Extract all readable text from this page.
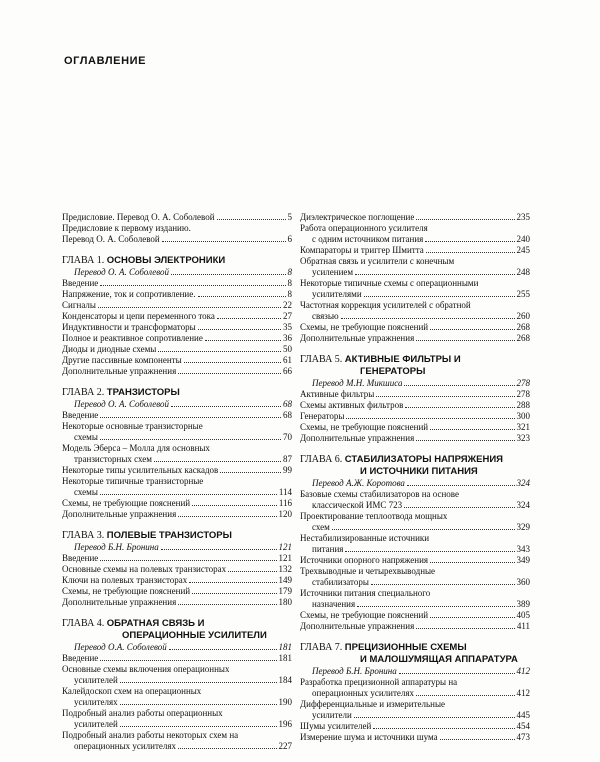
ОГЛАВЛЕНИЕ
Предисловие. Перевод О. А. Соболевой	5
Предисловие к первому изданию.
Перевод О. А. Соболевой	6
ГЛАВА 1. ОСНОВЫ ЭЛЕКТРОНИКИ
Перевод О. А. Соболевой	8
Введение	8
Напряжение, ток и сопротивление.	8
Сигналы	22
Конденсаторы и цепи переменного тока	27
Индуктивности и трансформаторы	35
Полное и реактивное сопротивление	36
Диоды и диодные схемы	50
Другие пассивные компоненты	61
Дополнительные упражнения	66
ГЛАВА 2. ТРАНЗИСТОРЫ
Перевод О. А. Соболевой	68
Введение	68
Некоторые основные транзисторные
схемы	70
Модель Эберса – Молла для основных
транзисторных схем	87
Некоторые типы усилительных каскадов	99
Некоторые типичные транзисторные
схемы	114
Схемы, не требующие пояснений	116
Дополнительные упражнения	120
ГЛАВА 3. ПОЛЕВЫЕ ТРАНЗИСТОРЫ
Перевод Б.Н. Бронина	121
Введение	121
Основные схемы на полевых транзисторах	132
Ключи на полевых транзисторах	149
Схемы, не требующие пояснений	179
Дополнительные упражнения	180
ГЛАВА 4. ОБРАТНАЯ СВЯЗЬ И
ОПЕРАЦИОННЫЕ УСИЛИТЕЛИ
Перевод О.А. Соболевой	181
Введение	181
Основные схемы включения операционных
усилителей	184
Калейдоскоп схем на операционных
усилителях	190
Подробный анализ работы операционных
усилителей	196
Подробный анализ работы некоторых схем на
операционных усилителях	227
Диэлектрическое поглощение	235
Работа операционного усилителя
с одним источником питания	240
Компараторы и триггер Шмитта	245
Обратная связь и усилители с конечным
усилением	248
Некоторые типичные схемы с операционными
усилителями	255
Частотная коррекция усилителей с обратной
связью	260
Схемы, не требующие пояснений	268
Дополнительные упражнения	268
ГЛАВА 5. АКТИВНЫЕ ФИЛЬТРЫ И
ГЕНЕРАТОРЫ
Перевод М.Н. Микшиса	278
Активные фильтры	278
Схемы активных фильтров	288
Генераторы	300
Схемы, не требующие пояснений	321
Дополнительные упражнения	323
ГЛАВА 6. СТАБИЛИЗАТОРЫ НАПРЯЖЕНИЯ
И ИСТОЧНИКИ ПИТАНИЯ
Перевод А.Ж. Коротова	324
Базовые схемы стабилизаторов на основе
классической ИМС 723	324
Проектирование теплоотвода мощных
схем	329
Нестабилизированные источники
питания	343
Источники опорного напряжения	349
Трехвыводные и четырехвыводные
стабилизаторы	360
Источники питания специального
назначения	389
Схемы, не требующие пояснений	405
Дополнительные упражнения	411
ГЛАВА 7. ПРЕЦИЗИОННЫЕ СХЕМЫ
И МАЛОШУМЯЩАЯ АППАРАТУРА
Перевод Б.Н. Бронина	412
Разработка прецизионной аппаратуры на
операционных усилителях	412
Дифференциальные и измерительные
усилители	445
Шумы усилителей	454
Измерение шума и источники шума	473
